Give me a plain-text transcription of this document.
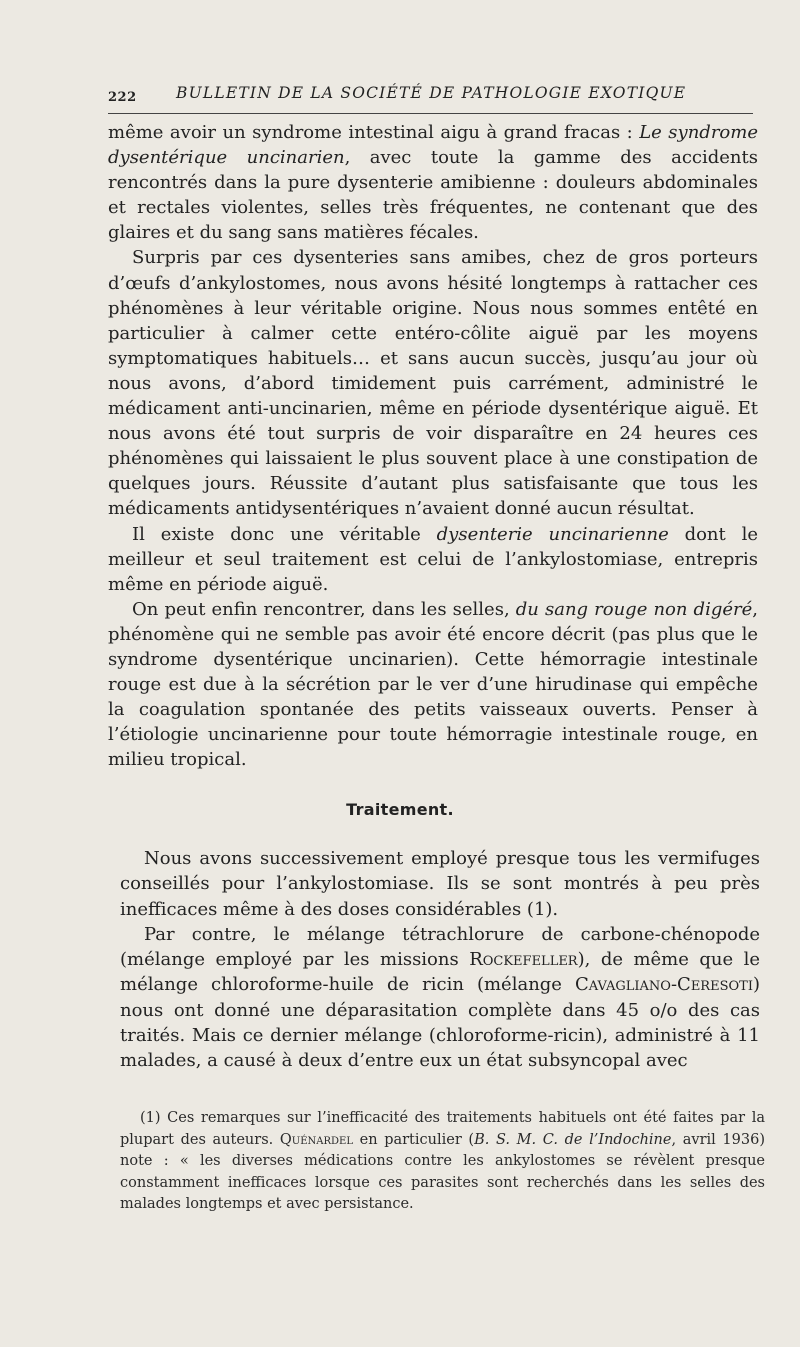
222	BULLETIN DE LA SOCIÉTÉ DE PATHOLOGIE EXOTIQUE

même avoir un syndrome intestinal aigu à grand fracas : Le syndrome dysentérique uncinarien, avec toute la gamme des accidents rencontrés dans la pure dysenterie amibienne : douleurs abdominales et rectales violentes, selles très fréquentes, ne contenant que des glaires et du sang sans matières fécales.

Surpris par ces dysenteries sans amibes, chez de gros porteurs d’œufs d’ankylostomes, nous avons hésité longtemps à rattacher ces phénomènes à leur véritable origine. Nous nous sommes entêté en particulier à calmer cette entéro-côlite aiguë par les moyens symptomatiques habituels… et sans aucun succès, jusqu’au jour où nous avons, d’abord timidement puis carrément, administré le médicament anti-uncinarien, même en période dysentérique aiguë. Et nous avons été tout surpris de voir disparaître en 24 heures ces phénomènes qui laissaient le plus souvent place à une constipation de quelques jours. Réussite d’autant plus satisfaisante que tous les médicaments antidysentériques n’avaient donné aucun résultat.

Il existe donc une véritable dysenterie uncinarienne dont le meilleur et seul traitement est celui de l’ankylostomiase, entrepris même en période aiguë.

On peut enfin rencontrer, dans les selles, du sang rouge non digéré, phénomène qui ne semble pas avoir été encore décrit (pas plus que le syndrome dysentérique uncinarien). Cette hémorragie intestinale rouge est due à la sécrétion par le ver d’une hirudinase qui empêche la coagulation spontanée des petits vaisseaux ouverts. Penser à l’étiologie uncinarienne pour toute hémorragie intestinale rouge, en milieu tropical.

Traitement.

Nous avons successivement employé presque tous les vermifuges conseillés pour l’ankylostomiase. Ils se sont montrés à peu près inefficaces même à des doses considérables (1).

Par contre, le mélange tétrachlorure de carbone-chénopode (mélange employé par les missions Rockefeller), de même que le mélange chloroforme-huile de ricin (mélange Cavagliano-Ceresoti) nous ont donné une déparasitation complète dans 45 o/o des cas traités. Mais ce dernier mélange (chloroforme-ricin), administré à 11 malades, a causé à deux d’entre eux un état subsyncopal avec

(1) Ces remarques sur l’inefficacité des traitements habituels ont été faites par la plupart des auteurs. Quénardel en particulier (B. S. M. C. de l’Indochine, avril 1936) note : « les diverses médications contre les ankylostomes se révèlent presque constamment inefficaces lorsque ces parasites sont recherchés dans les selles des malades longtemps et avec persistance.
